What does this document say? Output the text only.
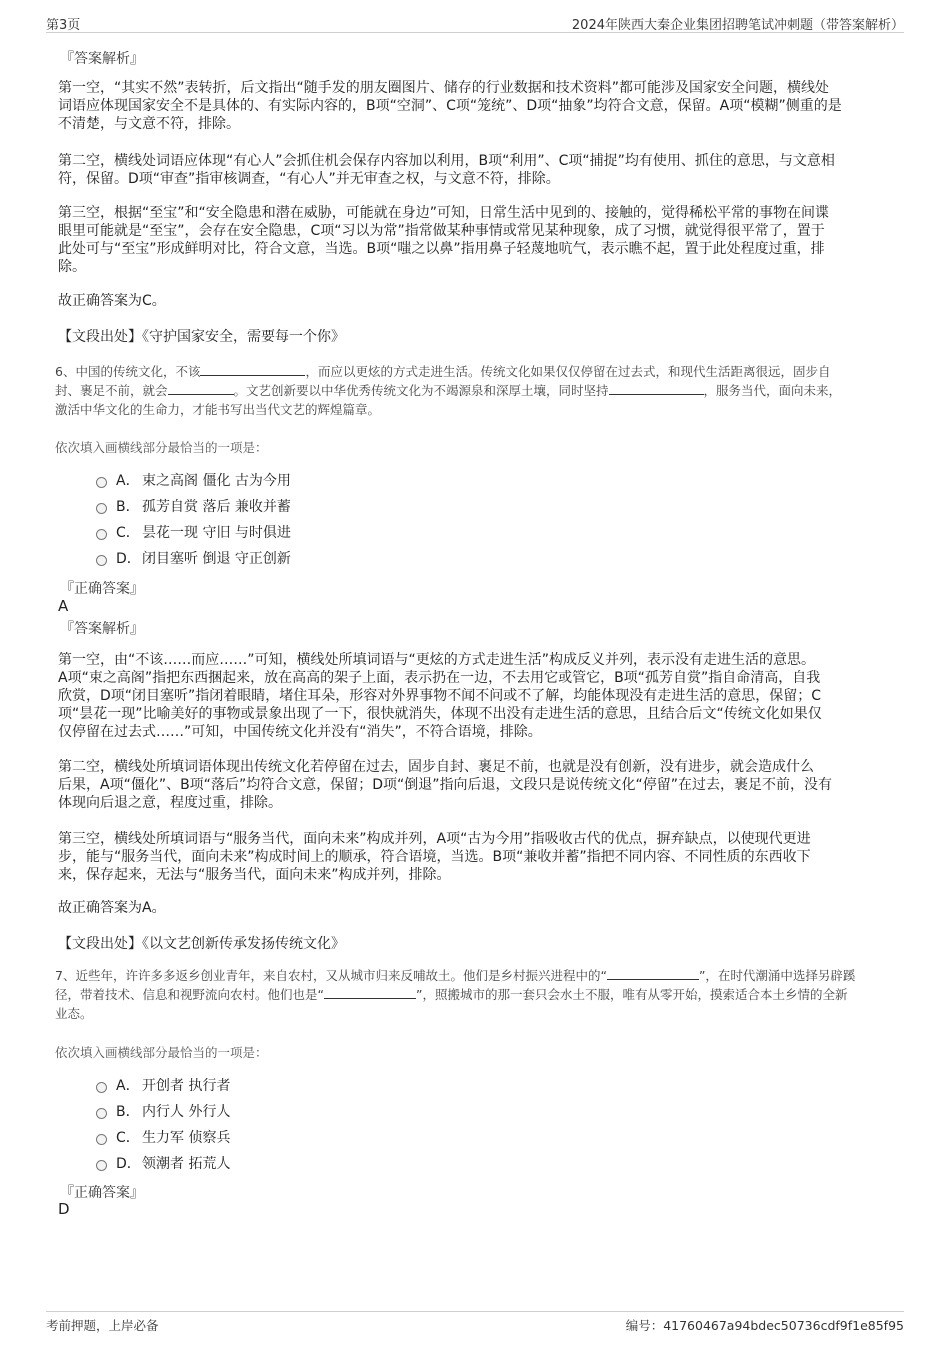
第3页	2024年陕西大秦企业集团招聘笔试冲刺题（带答案解析）
『答案解析』
第一空，“其实不然”表转折，后文指出“随手发的朋友圈图片、储存的行业数据和技术资料”都可能涉及国家安全问题，横线处
词语应体现国家安全不是具体的、有实际内容的，B项“空洞”、C项“笼统”、D项“抽象”均符合文意，保留。A项“模糊”侧重的是
不清楚，与文意不符，排除。
第二空，横线处词语应体现“有心人”会抓住机会保存内容加以利用，B项“利用”、C项“捕捉”均有使用、抓住的意思，与文意相
符，保留。D项“审查”指审核调查，“有心人”并无审查之权，与文意不符，排除。
第三空，根据“至宝”和“安全隐患和潜在威胁，可能就在身边”可知，日常生活中见到的、接触的，觉得稀松平常的事物在间谍
眼里可能就是“至宝”，会存在安全隐患，C项“习以为常”指常做某种事情或常见某种现象，成了习惯，就觉得很平常了，置于
此处可与“至宝”形成鲜明对比，符合文意，当选。B项“嗤之以鼻”指用鼻子轻蔑地吭气，表示瞧不起，置于此处程度过重，排
除。
故正确答案为C。
【文段出处】《守护国家安全，需要每一个你》
6、中国的传统文化，不该	，而应以更炫的方式走进生活。传统文化如果仅仅停留在过去式，和现代生活距离很远，固步自
封、裹足不前，就会	。文艺创新要以中华优秀传统文化为不竭源泉和深厚土壤，同时坚持	，服务当代，面向未来，
激活中华文化的生命力，才能书写出当代文艺的辉煌篇章。
依次填入画横线部分最恰当的一项是：
A． 束之高阁 僵化 古为今用
B． 孤芳自赏 落后 兼收并蓄
C． 昙花一现 守旧 与时俱进
D． 闭目塞听 倒退 守正创新
『正确答案』
A
『答案解析』
第一空，由“不该……而应……”可知，横线处所填词语与“更炫的方式走进生活”构成反义并列，表示没有走进生活的意思。
A项“束之高阁”指把东西捆起来，放在高高的架子上面，表示扔在一边，不去用它或管它，B项“孤芳自赏”指自命清高，自我
欣赏，D项“闭目塞听”指闭着眼睛，堵住耳朵，形容对外界事物不闻不问或不了解，均能体现没有走进生活的意思，保留；C
项“昙花一现”比喻美好的事物或景象出现了一下，很快就消失，体现不出没有走进生活的意思，且结合后文“传统文化如果仅
仅停留在过去式……”可知，中国传统文化并没有“消失”，不符合语境，排除。
第二空，横线处所填词语体现出传统文化若停留在过去，固步自封、裹足不前，也就是没有创新，没有进步，就会造成什么
后果，A项“僵化”、B项“落后”均符合文意，保留；D项“倒退”指向后退，文段只是说传统文化“停留”在过去，裹足不前，没有
体现向后退之意，程度过重，排除。
第三空，横线处所填词语与“服务当代，面向未来”构成并列，A项“古为今用”指吸收古代的优点，摒弃缺点，以使现代更进
步，能与“服务当代，面向未来”构成时间上的顺承，符合语境，当选。B项“兼收并蓄”指把不同内容、不同性质的东西收下
来，保存起来，无法与“服务当代，面向未来”构成并列，排除。
故正确答案为A。
【文段出处】《以文艺创新传承发扬传统文化》
7、近些年，许许多多返乡创业青年，来自农村，又从城市归来反哺故土。他们是乡村振兴进程中的“	”，在时代潮涌中选择另辟蹊
径，带着技术、信息和视野流向农村。他们也是“	”，照搬城市的那一套只会水土不服，唯有从零开始，摸索适合本土乡情的全新
业态。
依次填入画横线部分最恰当的一项是：
A． 开创者 执行者
B． 内行人 外行人
C． 生力军 侦察兵
D． 领潮者 拓荒人
『正确答案』
D
考前押题，上岸必备	编号：41760467a94bdec50736cdf9f1e85f95
